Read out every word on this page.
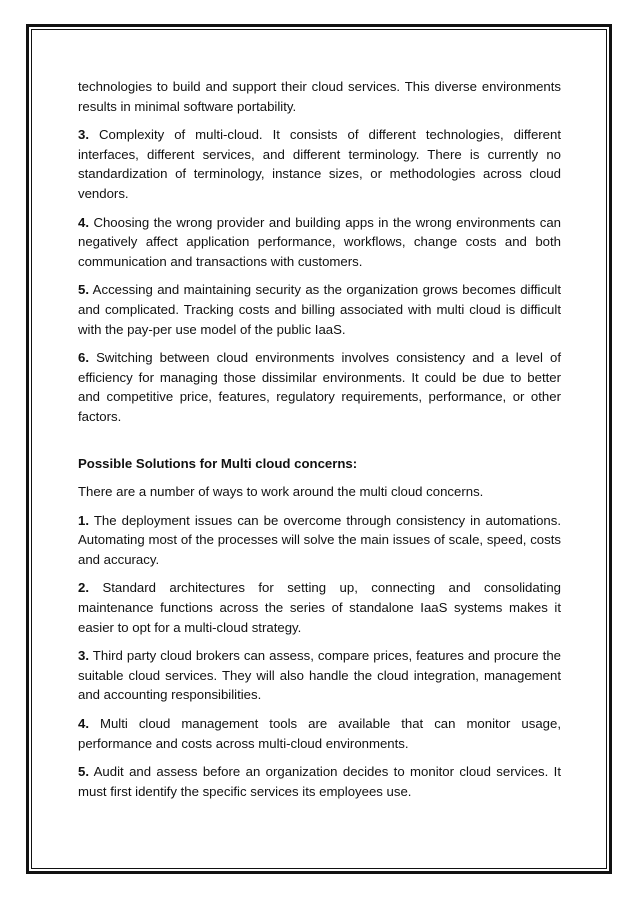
technologies to build and support their cloud services. This diverse environments results in minimal software portability.

3. Complexity of multi-cloud. It consists of different technologies, different interfaces, different services, and different terminology. There is currently no standardization of terminology, instance sizes, or methodologies across cloud vendors.

4. Choosing the wrong provider and building apps in the wrong environments can negatively affect application performance, workflows, change costs and both communication and transactions with customers.

5. Accessing and maintaining security as the organization grows becomes difficult and complicated. Tracking costs and billing associated with multi cloud is difficult with the pay-per use model of the public IaaS.

6. Switching between cloud environments involves consistency and a level of efficiency for managing those dissimilar environments. It could be due to better and competitive price, features, regulatory requirements, performance, or other factors.

Possible Solutions for Multi cloud concerns:

There are a number of ways to work around the multi cloud concerns.

1. The deployment issues can be overcome through consistency in automations. Automating most of the processes will solve the main issues of scale, speed, costs and accuracy.

2. Standard architectures for setting up, connecting and consolidating maintenance functions across the series of standalone IaaS systems makes it easier to opt for a multi-cloud strategy.

3. Third party cloud brokers can assess, compare prices, features and procure the suitable cloud services. They will also handle the cloud integration, management and accounting responsibilities.

4. Multi cloud management tools are available that can monitor usage, performance and costs across multi-cloud environments.

5. Audit and assess before an organization decides to monitor cloud services. It must first identify the specific services its employees use.
